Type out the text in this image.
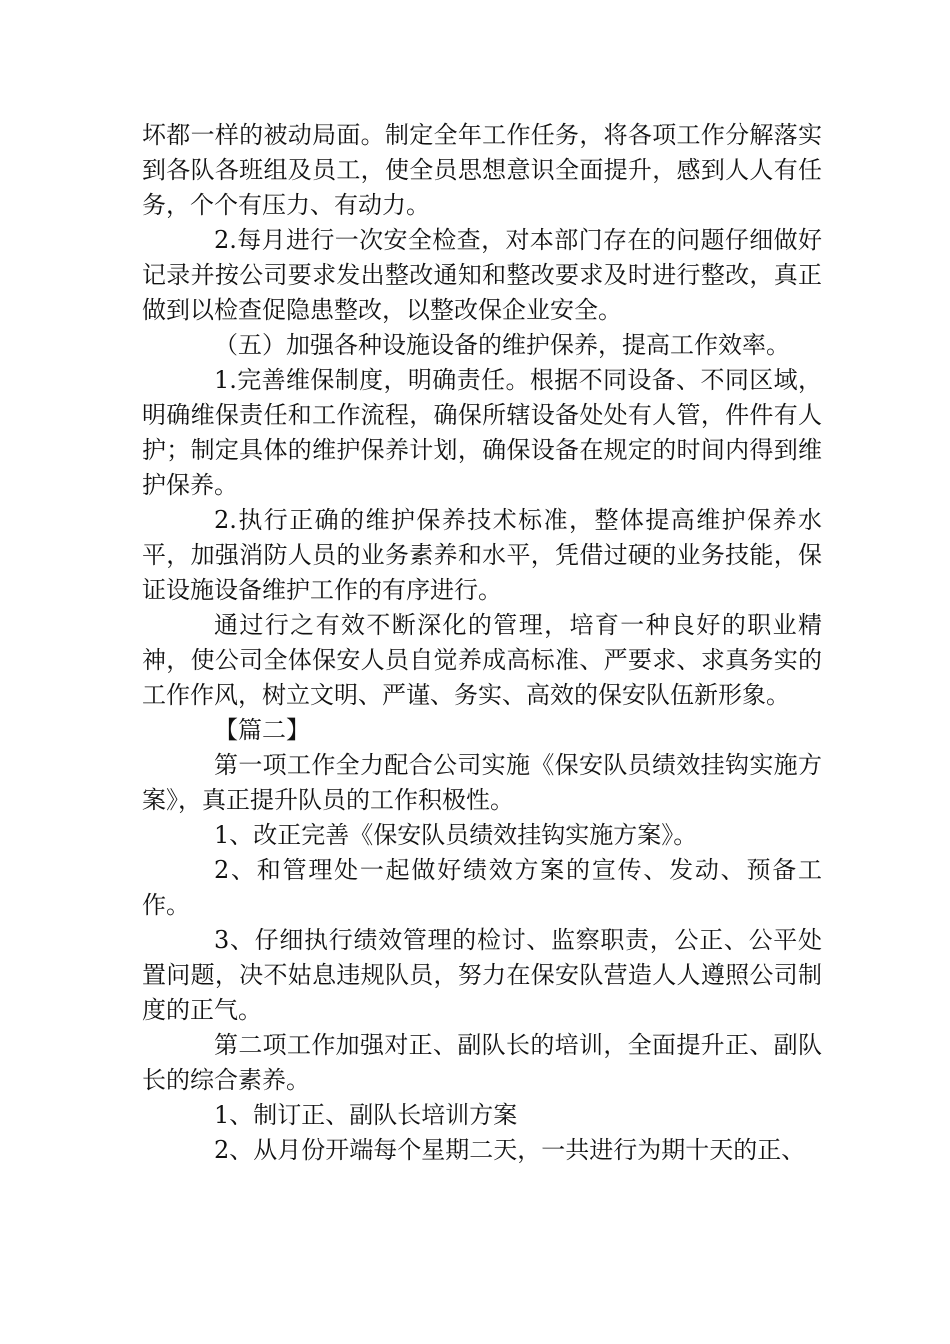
坏都一样的被动局面。制定全年工作任务，将各项工作分解落实到各队各班组及员工，使全员思想意识全面提升，感到人人有任务，个个有压力、有动力。

2.每月进行一次安全检查，对本部门存在的问题仔细做好记录并按公司要求发出整改通知和整改要求及时进行整改，真正做到以检查促隐患整改，以整改保企业安全。

（五）加强各种设施设备的维护保养，提高工作效率。

1.完善维保制度，明确责任。根据不同设备、不同区域，明确维保责任和工作流程，确保所辖设备处处有人管，件件有人护；制定具体的维护保养计划，确保设备在规定的时间内得到维护保养。

2.执行正确的维护保养技术标准，整体提高维护保养水平，加强消防人员的业务素养和水平，凭借过硬的业务技能，保证设施设备维护工作的有序进行。

通过行之有效不断深化的管理，培育一种良好的职业精神，使公司全体保安人员自觉养成高标准、严要求、求真务实的工作作风，树立文明、严谨、务实、高效的保安队伍新形象。

【篇二】

第一项工作全力配合公司实施《保安队员绩效挂钩实施方案》，真正提升队员的工作积极性。

1、改正完善《保安队员绩效挂钩实施方案》。

2、和管理处一起做好绩效方案的宣传、发动、预备工作。

3、仔细执行绩效管理的检讨、监察职责，公正、公平处置问题，决不姑息违规队员，努力在保安队营造人人遵照公司制度的正气。

第二项工作加强对正、副队长的培训，全面提升正、副队长的综合素养。

1、制订正、副队长培训方案

2、从月份开端每个星期二天，一共进行为期十天的正、
